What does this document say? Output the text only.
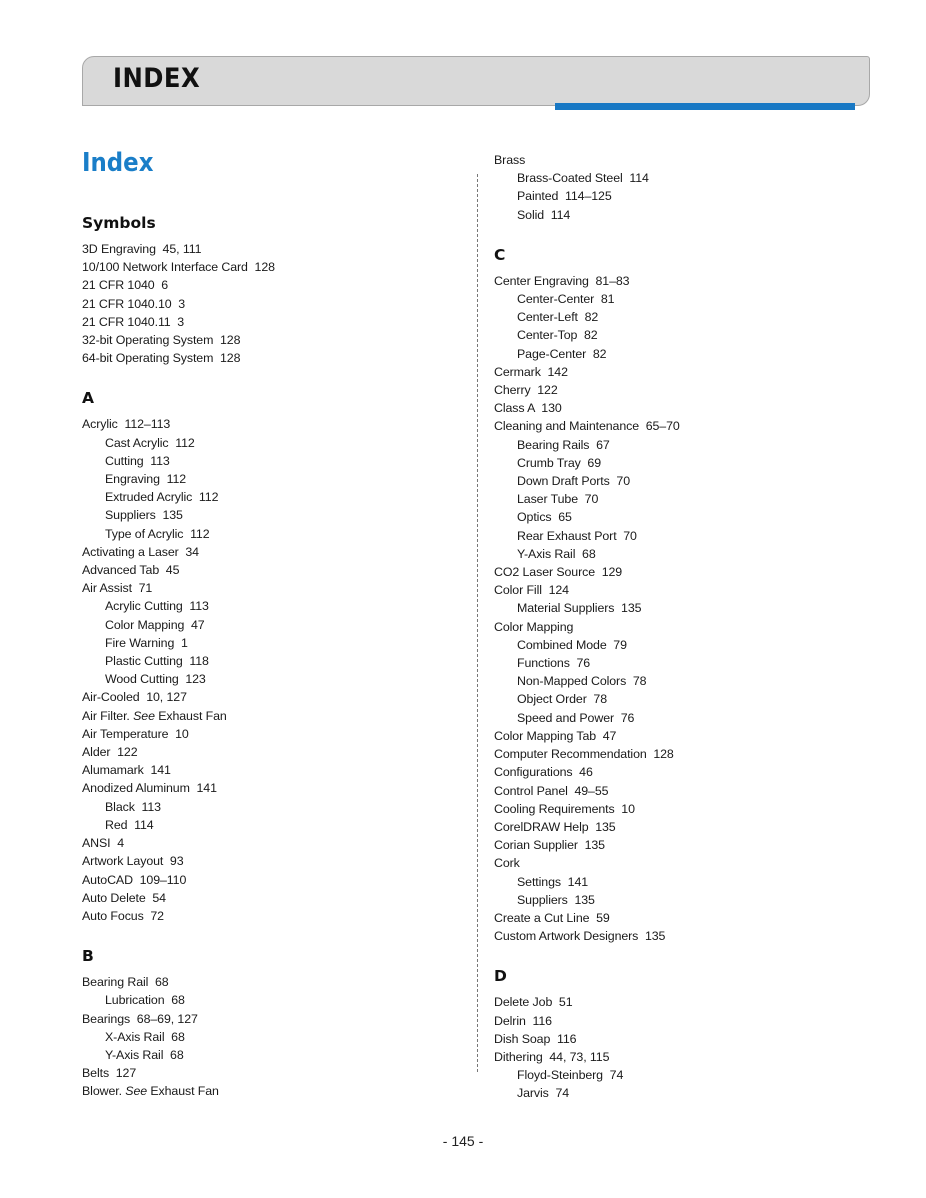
INDEX
Index
Symbols
3D Engraving  45, 111
10/100 Network Interface Card  128
21 CFR 1040  6
21 CFR 1040.10  3
21 CFR 1040.11  3
32-bit Operating System  128
64-bit Operating System  128
A
Acrylic  112–113
Cast Acrylic  112
Cutting  113
Engraving  112
Extruded Acrylic  112
Suppliers  135
Type of Acrylic  112
Activating a Laser  34
Advanced Tab  45
Air Assist  71
Acrylic Cutting  113
Color Mapping  47
Fire Warning  1
Plastic Cutting  118
Wood Cutting  123
Air-Cooled  10, 127
Air Filter. See Exhaust Fan
Air Temperature  10
Alder  122
Alumamark  141
Anodized Aluminum  141
Black  113
Red  114
ANSI  4
Artwork Layout  93
AutoCAD  109–110
Auto Delete  54
Auto Focus  72
B
Bearing Rail  68
Lubrication  68
Bearings  68–69, 127
X-Axis Rail  68
Y-Axis Rail  68
Belts  127
Blower. See Exhaust Fan
Brass
Brass-Coated Steel  114
Painted  114–125
Solid  114
C
Center Engraving  81–83
Center-Center  81
Center-Left  82
Center-Top  82
Page-Center  82
Cermark  142
Cherry  122
Class A  130
Cleaning and Maintenance  65–70
Bearing Rails  67
Crumb Tray  69
Down Draft Ports  70
Laser Tube  70
Optics  65
Rear Exhaust Port  70
Y-Axis Rail  68
CO2 Laser Source  129
Color Fill  124
Material Suppliers  135
Color Mapping
Combined Mode  79
Functions  76
Non-Mapped Colors  78
Object Order  78
Speed and Power  76
Color Mapping Tab  47
Computer Recommendation  128
Configurations  46
Control Panel  49–55
Cooling Requirements  10
CorelDRAW Help  135
Corian Supplier  135
Cork
Settings  141
Suppliers  135
Create a Cut Line  59
Custom Artwork Designers  135
D
Delete Job  51
Delrin  116
Dish Soap  116
Dithering  44, 73, 115
Floyd-Steinberg  74
Jarvis  74
- 145 -
